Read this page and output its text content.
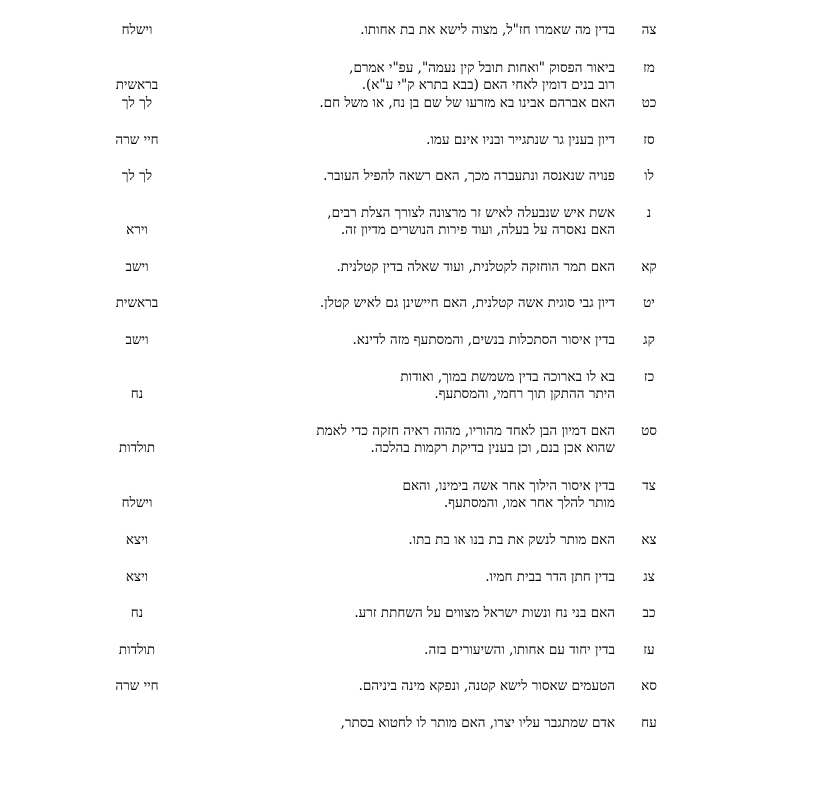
צה
בדין מה שאמרו חז"ל, מצוה לישא את בת אחותו.
וישלח
מז
ביאור הפסוק "ואחות תובל קין נעמה", עפ"י אמרם,
רוב בנים דומין לאחי האם (בבא בתרא ק"י ע"א).
בראשית
כט
האם אברהם אבינו בא מזרעו של שם בן נח, או משל חם.
לך לך
סז
דיון בענין גר שנתגייר ובניו אינם עמו.
חיי שרה
לו
פנויה שנאנסה ונתעברה מכך, האם רשאה להפיל העובר.
לך לך
נ
אשת איש שנבעלה לאיש זר מרצונה לצורך הצלת רבים,
האם נאסרה על בעלה, ועוד פירות הנושרים מדיון זה.
וירא
קא
האם תמר הוחזקה לקטלנית, ועוד שאלה בדין קטלנית.
וישב
יט
דיון גבי סוגית אשה קטלנית, האם חיישינן גם לאיש קטלן.
בראשית
קג
בדין איסור הסתכלות בנשים, והמסתעף מזה לדינא.
וישב
כז
בא לו בארוכה בדין משמשת במוך, ואודות
היתר ההתקן תוך רחמי, והמסתעף.
נח
סט
האם דמיון הבן לאחד מהוריו, מהוה ראיה חזקה כדי לאמת
שהוא אכן בנם, וכן בענין בדיקת רקמות בהלכה.
תולדות
צד
בדין איסור הילוך אחר אשה בימינו, והאם
מותר להלך אחר אמו, והמסתעף.
וישלח
צא
האם מותר לנשק את בת בנו או בת בתו.
ויצא
צג
בדין חתן הדר בבית חמיו.
ויצא
כב
האם בני נח ונשות ישראל מצווים על השחתת זרע.
נח
עז
בדין יחוד עם אחותו, והשיעורים בזה.
תולדות
סא
הטעמים שאסור לישא קטנה, ונפקא מינה ביניהם.
חיי שרה
עח
אדם שמתגבר עליו יצרו, האם מותר לו לחטוא בסתר,
